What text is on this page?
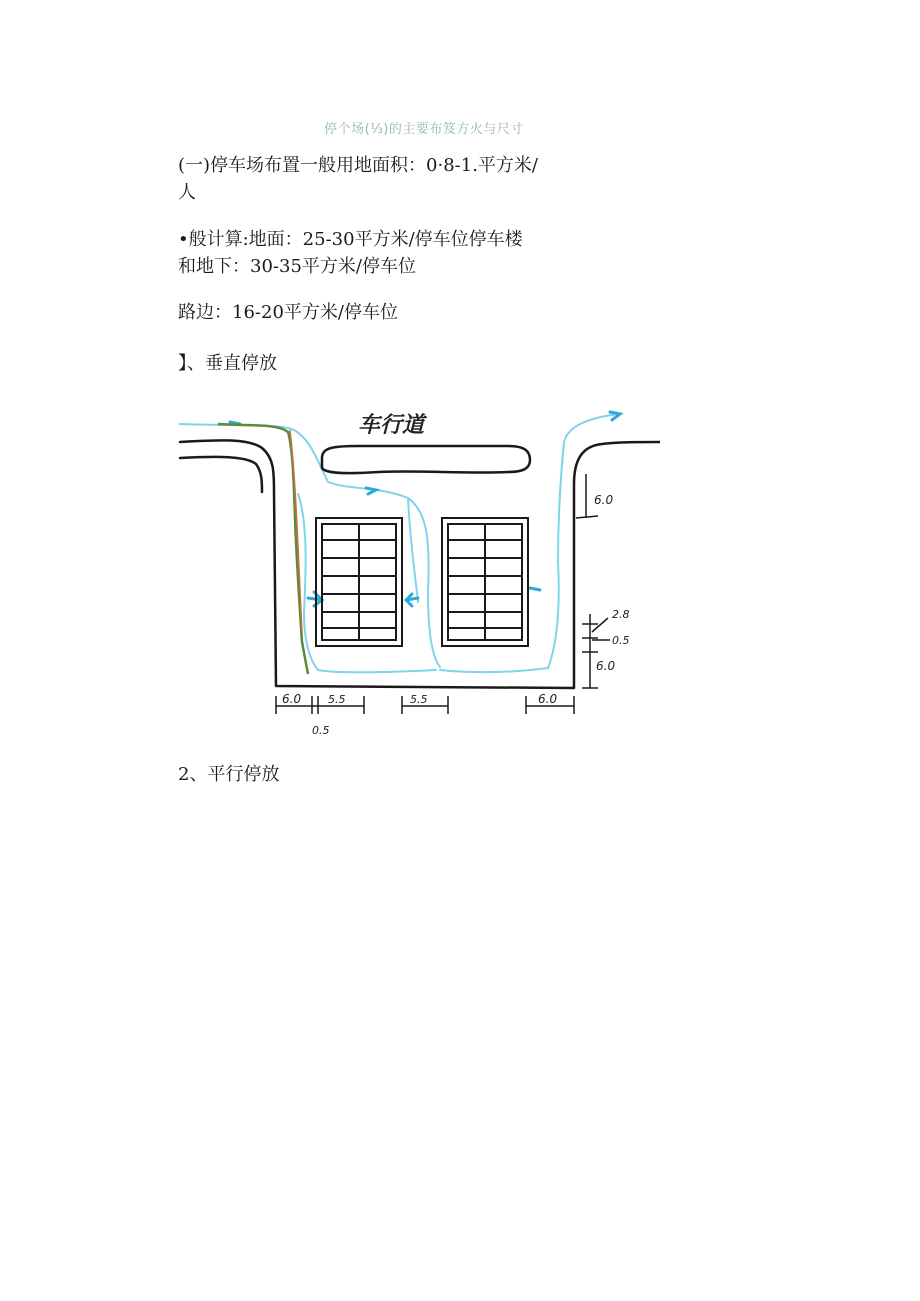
停个场(⅓)的主要布笈方火与尺寸

(一)停车场布置一般用地面积：0·8-1.平方米/人

•般计算:地面：25-30平方米/停车位停车楼和地下：30-35平方米/停车位

路边：16-20平方米/停车位

】、垂直停放

车行道
6.0
2.8
0.5
6.0
6.0 5.5	5.5	6.0
0.5

2、平行停放
